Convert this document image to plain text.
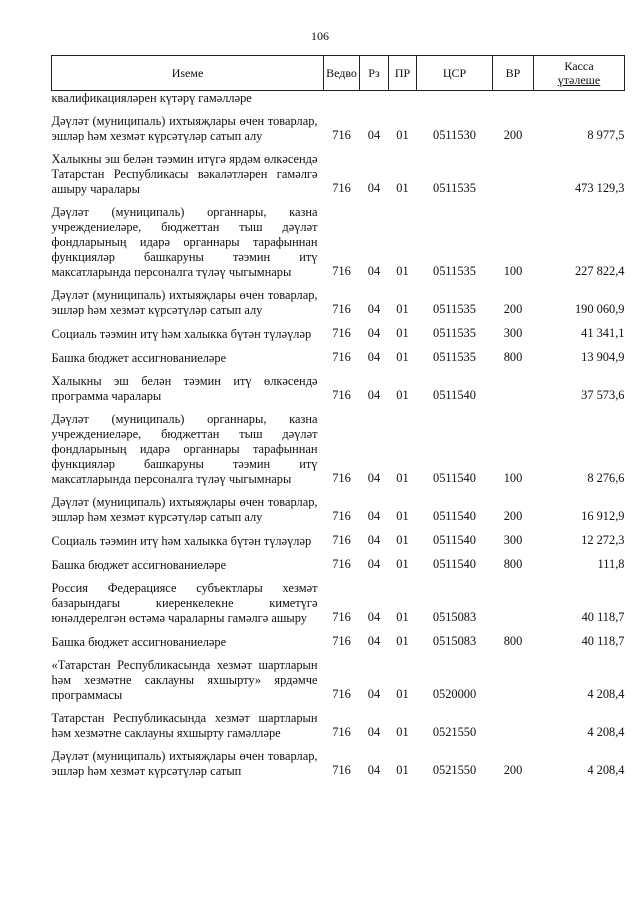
106
Иseме	Ведво	Рз	ПР	ЦСР	ВР	Касса
үтәлеше
квалификацияләрен күтәрү гамәлләре						
Дәүләт (муниципаль) ихтыяҗлары өчен товарлар, эшләр һәм хезмәт күрсәтүләр сатып алу	716	04	01	0511530	200	8 977,5
Халыкны эш белән тәэмин итүгә ярдәм өлкәсендә Татарстан Республикасы вәкаләтләрен гамәлгә ашыру чаралары	716	04	01	0511535		473 129,3
Дәүләт (муниципаль) органнары, казна учреждениеләре, бюджеттан тыш дәүләт фондларының идарә органнары тарафыннан функцияләр башкаруны тәэмин итү максатларында персоналга түләү чыгымнары	716	04	01	0511535	100	227 822,4
Дәүләт (муниципаль) ихтыяҗлары өчен товарлар, эшләр һәм хезмәт күрсәтүләр сатып алу	716	04	01	0511535	200	190 060,9
Социаль тәэмин итү һәм халыкка бүтән түләүләр	716	04	01	0511535	300	41 341,1
Башка бюджет ассигнованиеләре	716	04	01	0511535	800	13 904,9
Халыкны эш белән тәэмин итү өлкәсендә программа чаралары	716	04	01	0511540		37 573,6
Дәүләт (муниципаль) органнары, казна учреждениеләре, бюджеттан тыш дәүләт фондларының идарә органнары тарафыннан функцияләр башкаруны тәэмин итү максатларында персоналга түләү чыгымнары	716	04	01	0511540	100	8 276,6
Дәүләт (муниципаль) ихтыяҗлары өчен товарлар, эшләр һәм хезмәт күрсәтүләр сатып алу	716	04	01	0511540	200	16 912,9
Социаль тәэмин итү һәм халыкка бүтән түләүләр	716	04	01	0511540	300	12 272,3
Башка бюджет ассигнованиеләре	716	04	01	0511540	800	111,8
Россия Федерациясе субъектлары хезмәт базарындагы киеренкелекне киметүгә юнәлдерелгән өстәмә чараларны гамәлгә ашыру	716	04	01	0515083		40 118,7
Башка бюджет ассигнованиеләре	716	04	01	0515083	800	40 118,7
«Татарстан Республикасында хезмәт шартларын һәм хезмәтне саклауны яхшырту» ярдәмче программасы	716	04	01	0520000		4 208,4
Татарстан Республикасында хезмәт шартларын һәм хезмәтне саклауны яхшырту гамәлләре	716	04	01	0521550		4 208,4
Дәүләт (муниципаль) ихтыяҗлары өчен товарлар, эшләр һәм хезмәт күрсәтүләр сатып	716	04	01	0521550	200	4 208,4
